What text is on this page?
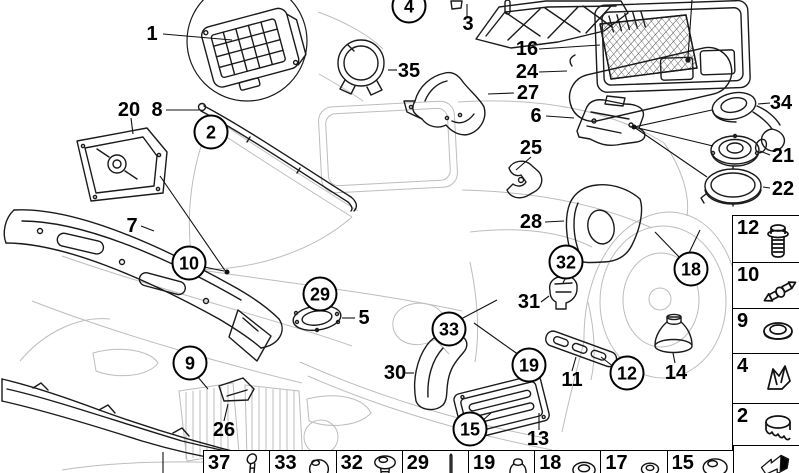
2
4
9
10
12
15
18
19
29
32
33
1	3
5
6
7
8
11
13
14
16
20
21
22
24
25
26
27
28
30
31
34
35
12
10
9
4
2
37 33 32 29 19 18 17 15
